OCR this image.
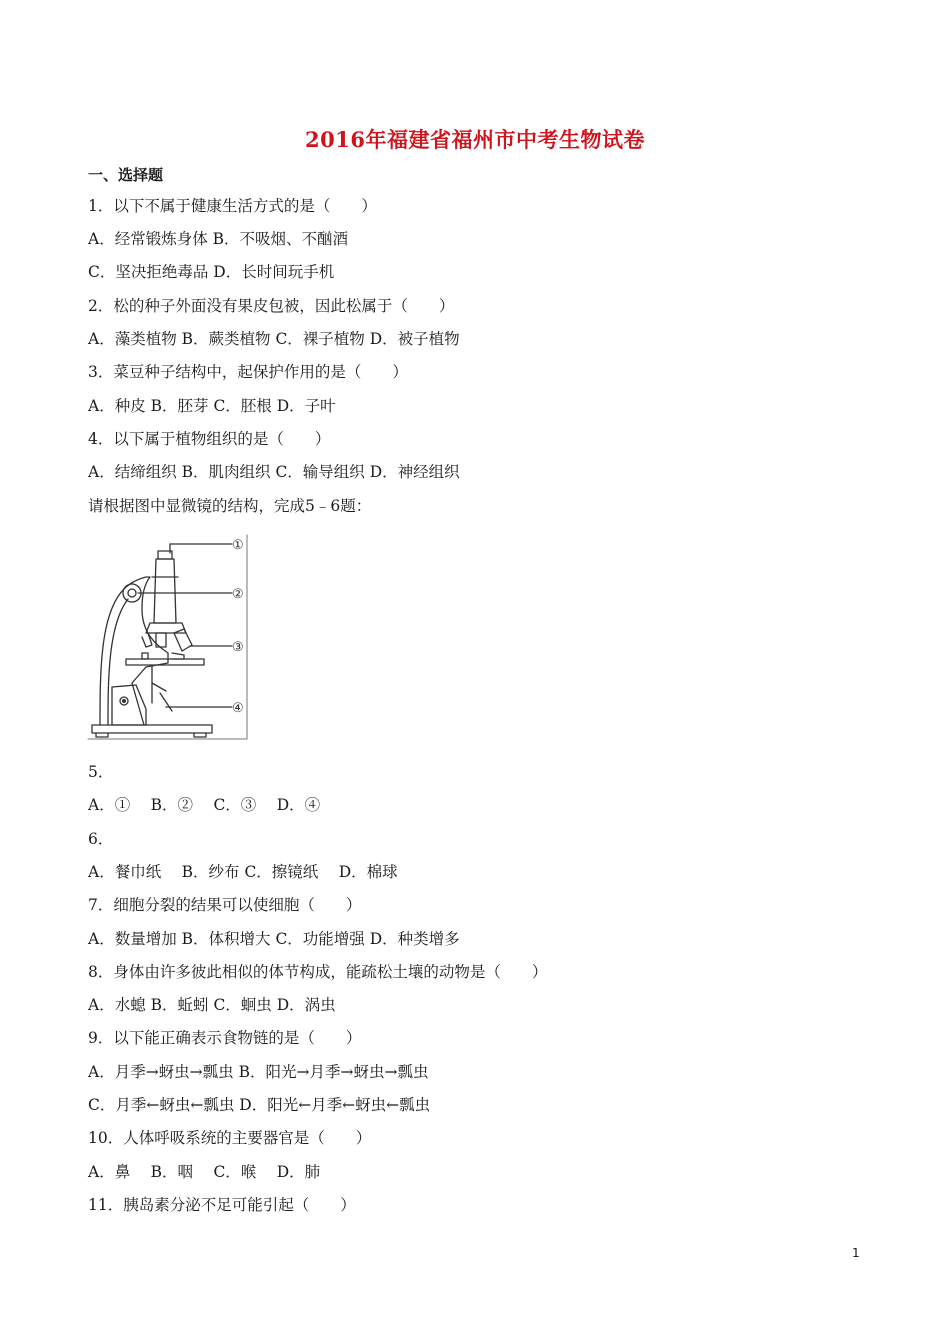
2016年福建省福州市中考生物试卷
一、选择题
1．以下不属于健康生活方式的是（　　）
A．经常锻炼身体 B．不吸烟、不酗酒
C．坚决拒绝毒品 D．长时间玩手机
2．松的种子外面没有果皮包被，因此松属于（　　）
A．藻类植物 B．蕨类植物 C．裸子植物 D．被子植物
3．菜豆种子结构中，起保护作用的是（　　）
A．种皮 B．胚芽 C．胚根 D．子叶
4．以下属于植物组织的是（　　）
A．结缔组织 B．肌肉组织 C．输导组织 D．神经组织
请根据图中显微镜的结构，完成5﹣6题：
5．
A．①　 B．②　 C．③　 D．④
6．
A．餐巾纸　 B．纱布 C．擦镜纸　 D．棉球
7．细胞分裂的结果可以使细胞（　　）
A．数量增加 B．体积增大 C．功能增强 D．种类增多
8．身体由许多彼此相似的体节构成，能疏松土壤的动物是（　　）
A．水螅 B．蚯蚓 C．蛔虫 D．涡虫
9．以下能正确表示食物链的是（　　）
A．月季→蚜虫→瓢虫 B．阳光→月季→蚜虫→瓢虫
C．月季←蚜虫←瓢虫 D．阳光←月季←蚜虫←瓢虫
10．人体呼吸系统的主要器官是（　　）
A．鼻　 B．咽　 C．喉　 D．肺
11．胰岛素分泌不足可能引起（　　）
①
②
③
④
1
